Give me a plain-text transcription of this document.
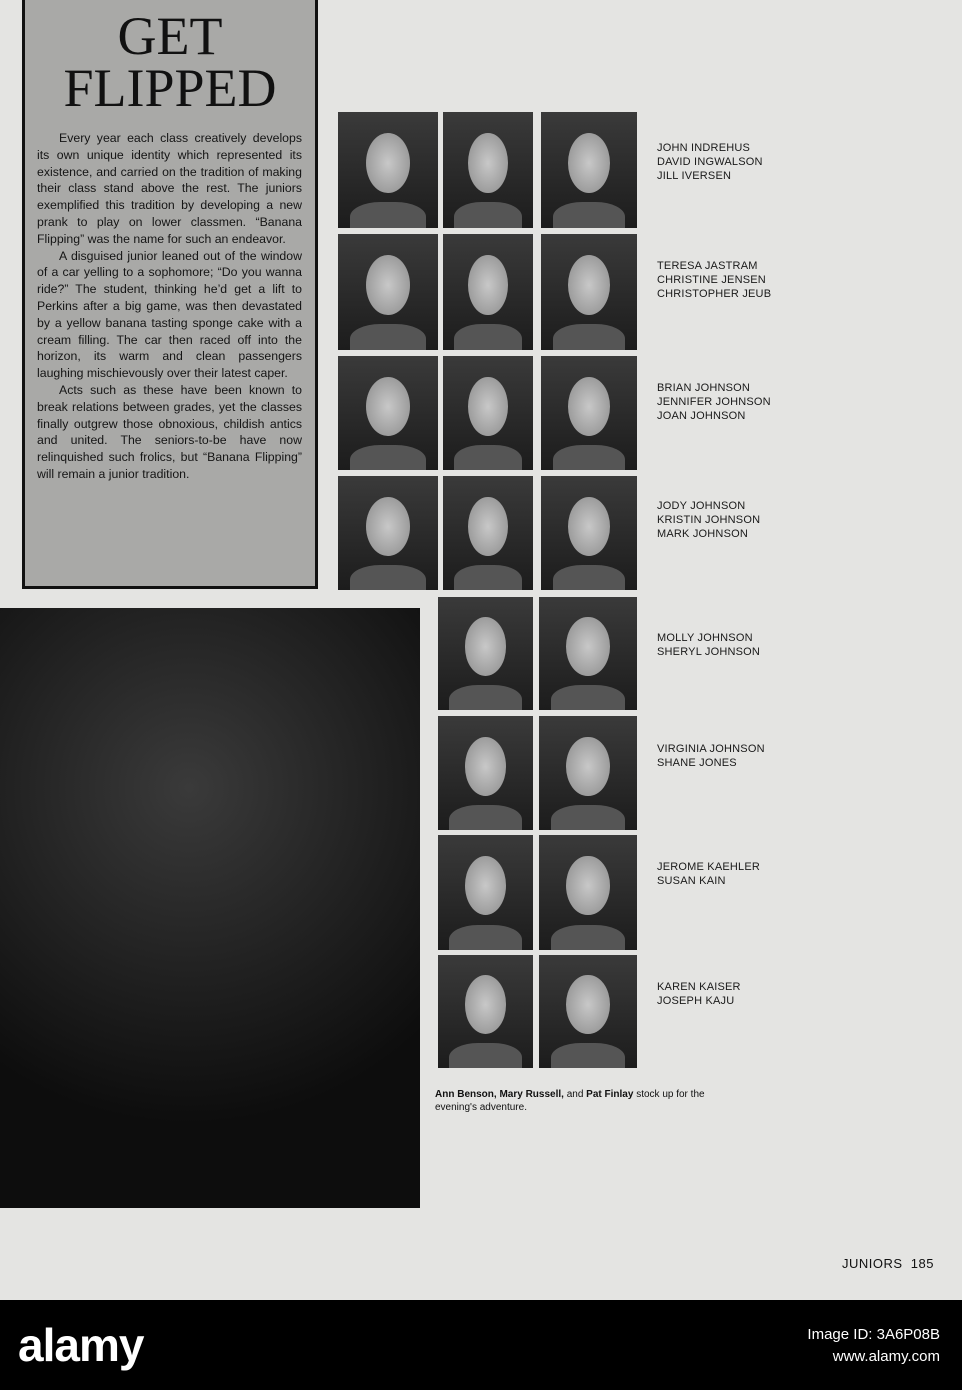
GET
FLIPPED

Every year each class creatively develops its own unique identity which represented its existence, and carried on the tradition of making their class stand above the rest. The juniors exemplified this tradition by developing a new prank to play on lower classmen. “Banana Flipping” was the name for such an endeavor.

A disguised junior leaned out of the window of a car yelling to a sophomore; “Do you wanna ride?” The student, thinking he’d get a lift to Perkins after a big game, was then devastated by a yellow banana tasting sponge cake with a cream filling. The car then raced off into the horizon, its warm and clean passengers laughing mischievously over their latest caper.

Acts such as these have been known to break relations between grades, yet the classes finally outgrew those obnoxious, childish antics and united. The seniors-to-be have now relinquished such frolics, but “Banana Flipping” will remain a junior tradition.

JOHN INDREHUS
DAVID INGWALSON
JILL IVERSEN
TERESA JASTRAM
CHRISTINE JENSEN
CHRISTOPHER JEUB
BRIAN JOHNSON
JENNIFER JOHNSON
JOAN JOHNSON
JODY JOHNSON
KRISTIN JOHNSON
MARK JOHNSON
MOLLY JOHNSON
SHERYL JOHNSON
VIRGINIA JOHNSON
SHANE JONES
JEROME KAEHLER
SUSAN KAIN
KAREN KAISER
JOSEPH KAJU
Ann Benson, Mary Russell, and Pat Finlay stock up for the evening's adventure.
JUNIORS 185
alamy	Image ID: 3A6P08B
www.alamy.com
